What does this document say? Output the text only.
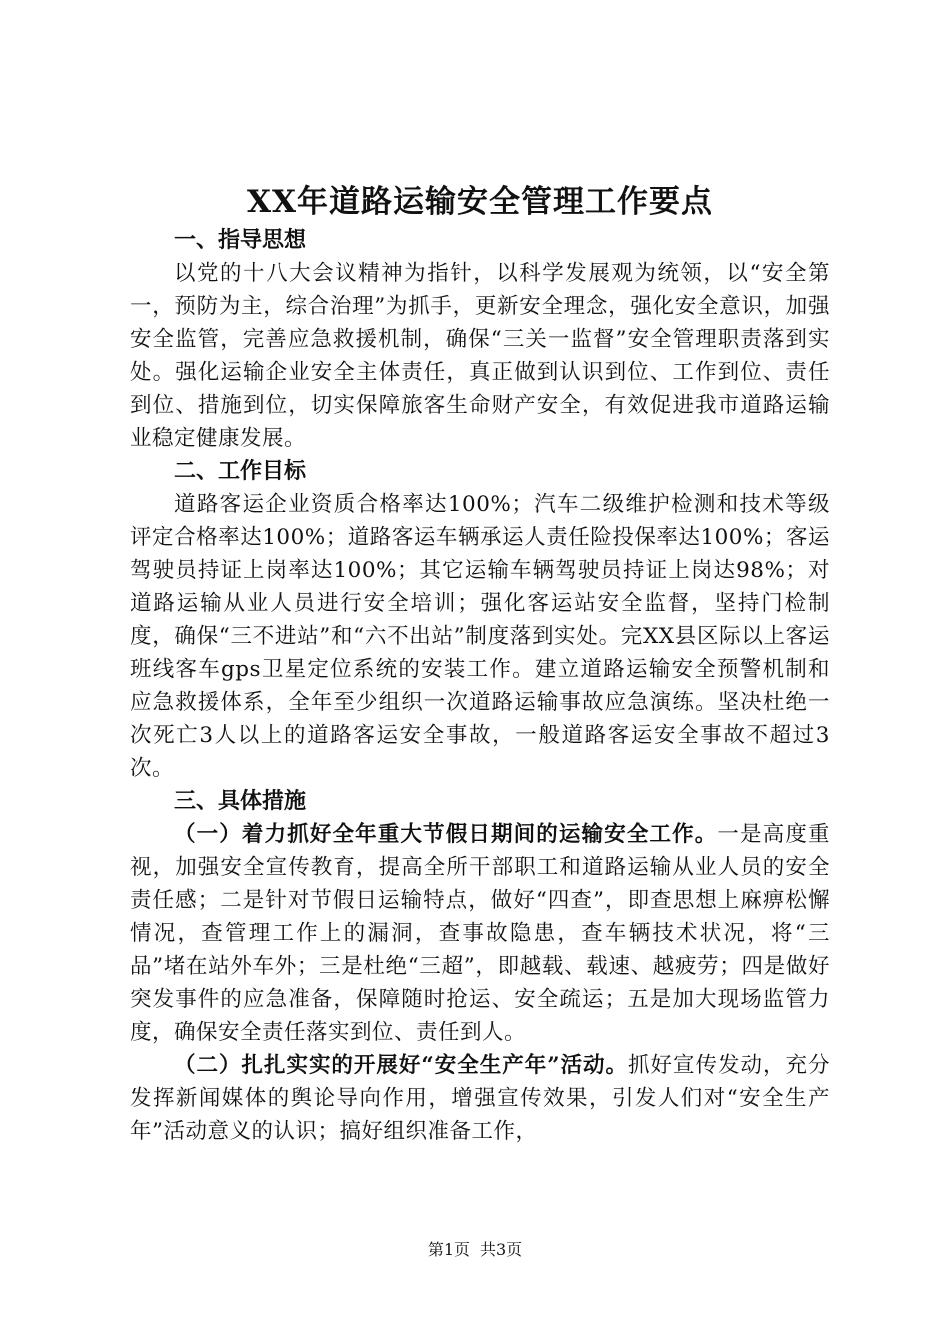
XX年道路运输安全管理工作要点

一、指导思想

以党的十八大会议精神为指针，以科学发展观为统领，以“安全第一，预防为主，综合治理”为抓手，更新安全理念，强化安全意识，加强安全监管，完善应急救援机制，确保“三关一监督”安全管理职责落到实处。强化运输企业安全主体责任，真正做到认识到位、工作到位、责任到位、措施到位，切实保障旅客生命财产安全，有效促进我市道路运输业稳定健康发展。

二、工作目标

道路客运企业资质合格率达100%；汽车二级维护检测和技术等级评定合格率达100%；道路客运车辆承运人责任险投保率达100%；客运驾驶员持证上岗率达100%；其它运输车辆驾驶员持证上岗达98%；对道路运输从业人员进行安全培训；强化客运站安全监督，坚持门检制度，确保“三不进站”和“六不出站”制度落到实处。完XX县区际以上客运班线客车gps卫星定位系统的安装工作。建立道路运输安全预警机制和应急救援体系，全年至少组织一次道路运输事故应急演练。坚决杜绝一次死亡3人以上的道路客运安全事故，一般道路客运安全事故不超过3次。

三、具体措施

（一）着力抓好全年重大节假日期间的运输安全工作。一是高度重视，加强安全宣传教育，提高全所干部职工和道路运输从业人员的安全责任感；二是针对节假日运输特点，做好“四查”，即查思想上麻痹松懈情况，查管理工作上的漏洞，查事故隐患，查车辆技术状况，将“三品”堵在站外车外；三是杜绝“三超”，即越载、载速、越疲劳；四是做好突发事件的应急准备，保障随时抢运、安全疏运；五是加大现场监管力度，确保安全责任落实到位、责任到人。

（二）扎扎实实的开展好“安全生产年”活动。抓好宣传发动，充分发挥新闻媒体的舆论导向作用，增强宣传效果，引发人们对“安全生产年”活动意义的认识；搞好组织准备工作，

第1页 共3页
